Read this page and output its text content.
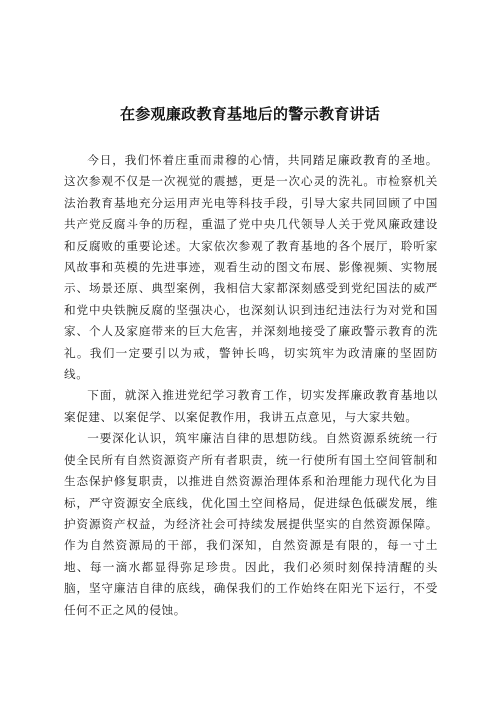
在参观廉政教育基地后的警示教育讲话

今日，我们怀着庄重而肃穆的心情，共同踏足廉政教育的圣地。这次参观不仅是一次视觉的震撼，更是一次心灵的洗礼。市检察机关法治教育基地充分运用声光电等科技手段，引导大家共同回顾了中国共产党反腐斗争的历程，重温了党中央几代领导人关于党风廉政建设和反腐败的重要论述。大家依次参观了教育基地的各个展厅，聆听家风故事和英模的先进事迹，观看生动的图文布展、影像视频、实物展示、场景还原、典型案例，我相信大家都深刻感受到党纪国法的威严和党中央铁腕反腐的坚强决心，也深刻认识到违纪违法行为对党和国家、个人及家庭带来的巨大危害，并深刻地接受了廉政警示教育的洗礼。我们一定要引以为戒，警钟长鸣，切实筑牢为政清廉的坚固防线。

下面，就深入推进党纪学习教育工作，切实发挥廉政教育基地以案促建、以案促学、以案促教作用，我讲五点意见，与大家共勉。

一要深化认识，筑牢廉洁自律的思想防线。自然资源系统统一行使全民所有自然资源资产所有者职责，统一行使所有国土空间管制和生态保护修复职责，以推进自然资源治理体系和治理能力现代化为目标，严守资源安全底线，优化国土空间格局，促进绿色低碳发展，维护资源资产权益，为经济社会可持续发展提供坚实的自然资源保障。作为自然资源局的干部，我们深知，自然资源是有限的，每一寸土地、每一滴水都显得弥足珍贵。因此，我们必须时刻保持清醒的头脑，坚守廉洁自律的底线，确保我们的工作始终在阳光下运行，不受任何不正之风的侵蚀。
